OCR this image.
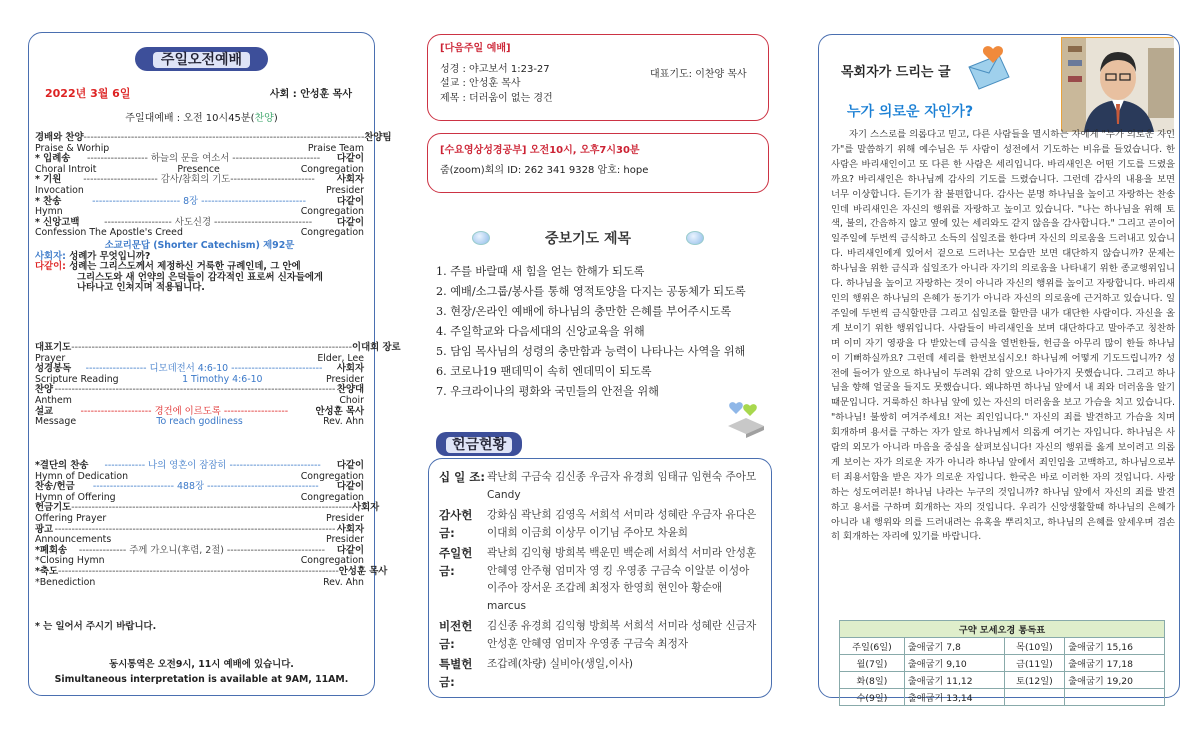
주일오전예배
2022년 3월 6일	사회 : 안성훈 목사
주일대예배 : 오전 10시45분(찬양)
경배와 찬양 ----------------------------------------------------------------------------------- 찬양팀
Praise & Worhip	Praise Team
* 입례송	------------------ 하늘의 문을 여소서 --------------------------	다같이
Choral Introit	Presence	Congregation
* 기원	---------------------- 감사/참회의 기도-------------------------	사회자
Invocation	Presider
* 찬송	-------------------------- 8장 -------------------------------	다같이
Hymn	Congregation
* 신앙고백	-------------------- 사도신경 -----------------------------	다같이
Confession The Apostle's Creed	Congregation
소교리문답 (Shorter Catechism) 제92문
사회자: 성례가 무엇입니까?
다같이: 성례는 그리스도께서 제정하신 거룩한 규례인데, 그 안에
그리스도와 새 언약의 은덕들이 감각적인 표로써 신자들에게
나타나고 인쳐지며 적용됩니다.
대표기도 ----------------------------------------------------------------------------------- 이대희 장로
Prayer	Elder, Lee
성경봉독	------------------ 디모데전서 4:6-10 ---------------------------	사회자
Scripture Reading	1 Timothy 4:6-10	Presider
찬양 ----------------------------------------------------------------------------------- 찬양대
Anthem	Choir
설교	--------------------- 경건에 이르도록 -------------------	안성훈 목사
Message	To reach godliness	Rev. Ahn
*결단의 찬송	------------ 나의 영혼이 잠잠히 ---------------------------	다같이
Hymn of Dedication	Congregation
찬송/헌금	------------------------ 488장 ---------------------------------	다같이
Hymn of Offering	Congregation
헌금기도 ----------------------------------------------------------------------------------- 사회자
Offering Prayer	Presider
광고 ----------------------------------------------------------------------------------- 사회자
Announcements	Presider
*폐회송	-------------- 주께 가오니(후렴, 2절) -----------------------------	다같이
*Closing Hymn	Congregation
*축도 ----------------------------------------------------------------------------------- 안성훈 목사
*Benediction	Rev. Ahn
* 는 일어서 주시기 바랍니다.
동시통역은 오전9시, 11시 예배에 있습니다.
Simultaneous interpretation is available at 9AM, 11AM.
[다음주일 예배]
성경 : 야고보서 1:23-27
설교 : 안성훈 목사
제목 : 더러움이 없는 경건
대표기도: 이찬양 목사
[수요영상성경공부] 오전10시, 오후7시30분
줌(zoom)회의 ID: 262 341 9328 암호: hope
중보기도 제목
1. 주를 바랄때 새 힘을 얻는 한해가 되도록
2. 예배/소그룹/봉사를 통해 영적토양을 다지는 공동체가 되도록
3. 현장/온라인 예배에 하나님의 충만한 은혜를 부어주시도록
4. 주일학교와 다음세대의 신앙교육을 위해
5. 담임 목사님의 성령의 충만함과 능력이 나타나는 사역을 위해
6. 코로나19 팬데믹이 속히 엔데믹이 되도록
7. 우크라이나의 평화와 국민들의 안전을 위해
헌금현황
십 일 조: 곽난희 구금숙 김신종 우금자 유경희 임태규 임현숙 주아모 Candy
감사헌금:
강화심 곽난희 김영옥 서희석 서미라 성혜란 우금자 유다은 이대희 이금희 이상무 이기님 주아모 차윤희
주일헌금:
곽난희 김익형 방희복 백운민 백순례 서희석 서미라 안성훈 안혜영 안주형 엄미자 영 킹 우영종 구금숙 이알분 이성아 이주아 장서운 조갑례 최정자 한영희 현인아 황순애 marcus
비전헌금:
김신종 유경희 김익형 방희복 서희석 서미라 성혜란 신금자 안성훈 안혜영 엄미자 우영종 구금숙 최정자
특별헌금:
조갑례(차량) 실비아(생일,이사)
목회자가 드리는 글
누가 의로운 자인가?
자기 스스로를 의롭다고 믿고, 다른 사람들을 멸시하는 자에게 "누가 의로운 자인가"를 말씀하기 위해 예수님은 두 사람이 성전에서 기도하는 비유를 들었습니다. 한 사람은 바리새인이고 또 다른 한 사람은 세리입니다. 바리새인은 어떤 기도를 드렸을까요? 바리새인은 하나님께 감사의 기도를 드렸습니다. 그런데 감사의 내용을 보면 너무 이상합니다. 듣기가 참 불편합니다. 감사는 분명 하나님을 높이고 자랑하는 찬송인데 바리새인은 자신의 행위를 자랑하고 높이고 있습니다. "나는 하나님을 위해 토색, 불의, 간음하지 않고 옆에 있는 세리와도 같지 않음을 감사합니다." 그리고 곧이어 일주일에 두번씩 금식하고 소득의 십일조를 한다며 자신의 의로움을 드러내고 있습니다. 바리새인에게 있어서 겉으로 드러나는 모습만 보면 대단하지 않습니까? 문제는 하나님을 위한 금식과 십일조가 아니라 자기의 의로움을 나타내기 위한 종교행위입니다. 하나님을 높이고 자랑하는 것이 아니라 자신의 행위를 높이고 자랑합니다. 바리새인의 행위은 하나님의 은혜가 동기가 아니라 자신의 의로움에 근거하고 있습니다. 일주일에 두번씩 금식할만큼 그리고 십일조를 할만큼 내가 대단한 사람이다. 자신을 올게 보이기 위한 행위입니다. 사람들이 바리새인을 보며 대단하다고 말아주고 칭찬하며 이미 자기 영광을 다 받았는데 금식을 열번한들, 헌금을 아무리 많이 한들 하나님이 기뻐하실까요? 그런데 세리를 한번보십시오! 하나님께 어떻게 기도드립니까? 성전에 들어가 앞으로 하나님이 두려워 감히 앞으로 나아가지 못했습니다. 그리고 하나님을 향해 얼굴을 들지도 못했습니다. 왜냐하면 하나님 앞에서 내 죄와 더러움을 알기 때문입니다. 거룩하신 하나님 앞에 있는 자신의 더러움을 보고 가슴을 치고 있습니다. "하나님! 불쌍히 여겨주세요! 저는 죄인입니다." 자신의 죄를 발견하고 가슴을 치며 회개하며 용서를 구하는 자가 알로 하나님께서 의롭게 여기는 자입니다. 하나님은 사람의 외모가 아니라 마음을 중심을 살펴보십니다! 자신의 행위를 옳게 보이려고 의롭게 보이는 자가 의로운 자가 아니라 하나님 앞에서 죄인임을 고백하고, 하나님으로부터 죄용서함을 받은 자가 의로운 자입니다. 한국은 바로 이러한 자의 것입니다. 사랑하는 성도여러분! 하나님 나라는 누구의 것입니까? 하나님 앞에서 자신의 죄를 발견하고 용서를 구하며 회개하는 자의 것입니다. 우리가 신앙생활할때 하나님의 은혜가 아니라 내 행위와 의를 드러내려는 유혹을 뿌리치고, 하나님의 은혜를 앞세우며 겸손히 회개하는 자리에 있기를 바랍니다.
구약 모세오경 통독표			
주일(6일)	출애굽기 7,8	목(10일)	출애굽기 15,16
월(7일)	출애굽기 9,10	금(11일)	출애굽기 17,18
화(8일)	출애굽기 11,12	토(12일)	출애굽기 19,20
수(9일)	출애굽기 13,14		
